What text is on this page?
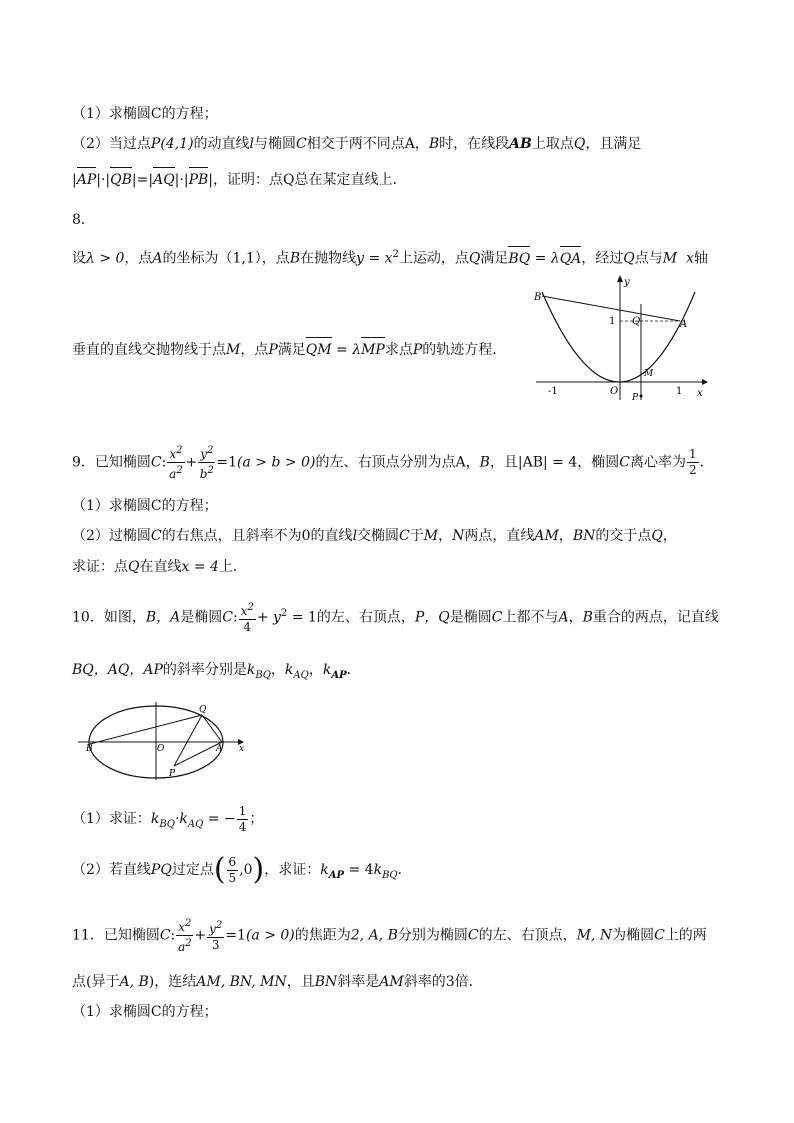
（1）求椭圆C的方程；
（2）当过点P(4,1)的动直线l与椭圆C相交于两不同点A，B时，在线段AB上取点Q，且满足
|AP|·|QB|=|AQ|·|PB|，证明：点Q总在某定直线上．
8．
设λ > 0，点A的坐标为（1,1），点B在抛物线$y = x^2$上运动，点Q满足BQ = λQA，经过Q点与M x轴
垂直的直线交抛物线于点M，点P满足QM = λMP求点P的轨迹方程．
B
y
1 Q	A
M
-1	O
P
1 x
9．已知椭圆C: $\frac{x^2}{a^2} + \frac{y^2}{b^2} =1(a > b > 0)$的左、右顶点分别为点A，B，且|AB| = 4，椭圆C离心率为 $\frac{1}{2}$ ．
（1）求椭圆C的方程；
（2）过椭圆C的右焦点，且斜率不为0的直线l交椭圆C于M，N两点，直线AM，BN的交于点Q，
求证：点Q在直线x = 4上．
10．如图，B，A是椭圆C: $\frac{x^2}{4} + y^2 = 1$的左、右顶点，P，Q是椭圆C上都不与A，B重合的两点，记直线
BQ，AQ，AP的斜率分别是$k_{BQ}$，$k_{AQ}$，$k_{AP}$．
B	O
Q
A x
P
（1）求证：$k_{BQ}\cdot k_{AQ}$ = − $\frac{1}{4}$ ；
（2）若直线PQ过定点( $\frac{6}{5} ,0$)，求证：$k_{AP} = 4k_{BQ}$．
11．已知椭圆C: $\frac{x^2}{a^2} + \frac{y^2}{3} =1(a > 0)$的焦距为2, A, B分别为椭圆C的左、右顶点，M, N为椭圆C上的两
点(异于A, B)，连结AM, BN, MN，且BN斜率是AM斜率的3倍．
（1）求椭圆C的方程；
